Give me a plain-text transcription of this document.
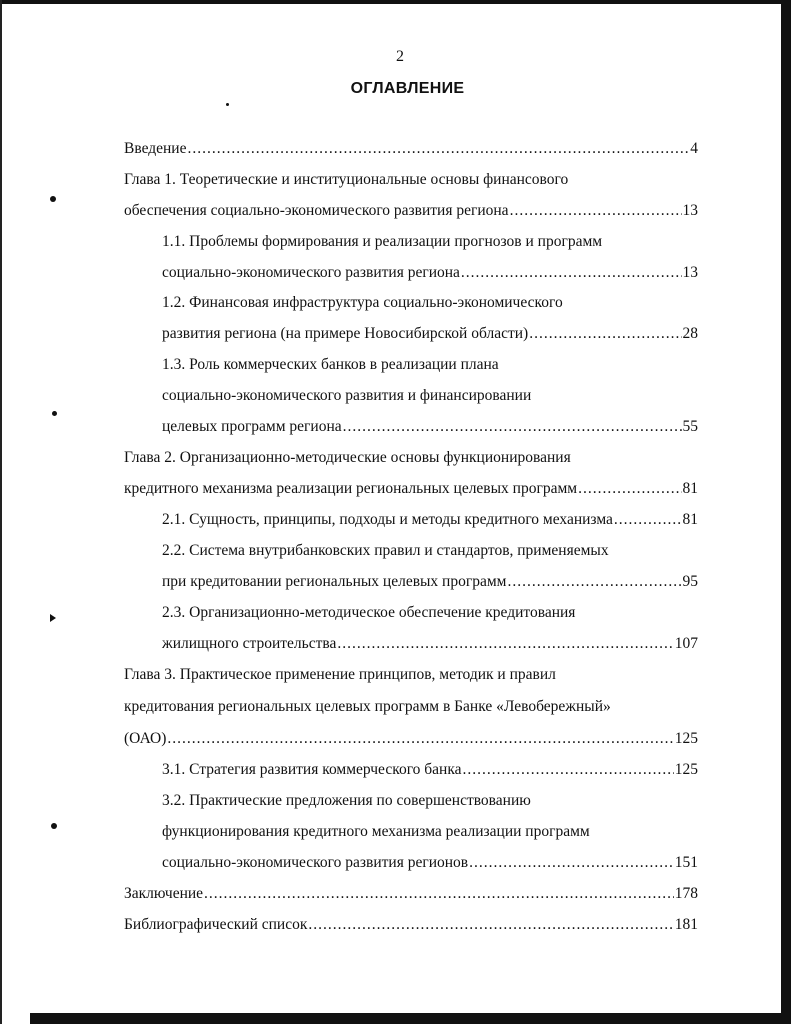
2
ОГЛАВЛЕНИЕ
Введение .....	4
Глава 1. Теоретические и институциональные основы финансового
обеспечения социально-экономического развития региона .....	13
1.1. Проблемы формирования и реализации прогнозов и программ
социально-экономического развития региона .....	13
1.2. Финансовая инфраструктура социально-экономического
развития региона (на примере Новосибирской области) .....	28
1.3. Роль коммерческих банков в реализации плана
социально-экономического развития и финансировании
целевых программ региона .....	55
Глава 2. Организационно-методические основы функционирования
кредитного механизма реализации региональных целевых программ .....	81
2.1. Сущность, принципы, подходы и методы кредитного механизма .....	81
2.2. Система внутрибанковских правил и стандартов, применяемых
при кредитовании региональных целевых программ .....	95
2.3. Организационно-методическое обеспечение кредитования
жилищного строительства .....	107
Глава 3. Практическое применение принципов, методик и правил
кредитования региональных целевых программ в Банке «Левобережный»
(ОАО) .....	125
3.1. Стратегия развития коммерческого банка .....	125
3.2. Практические предложения по совершенствованию
функционирования кредитного механизма реализации программ
социально-экономического развития регионов .....	151
Заключение .....	178
Библиографический список .....	181
